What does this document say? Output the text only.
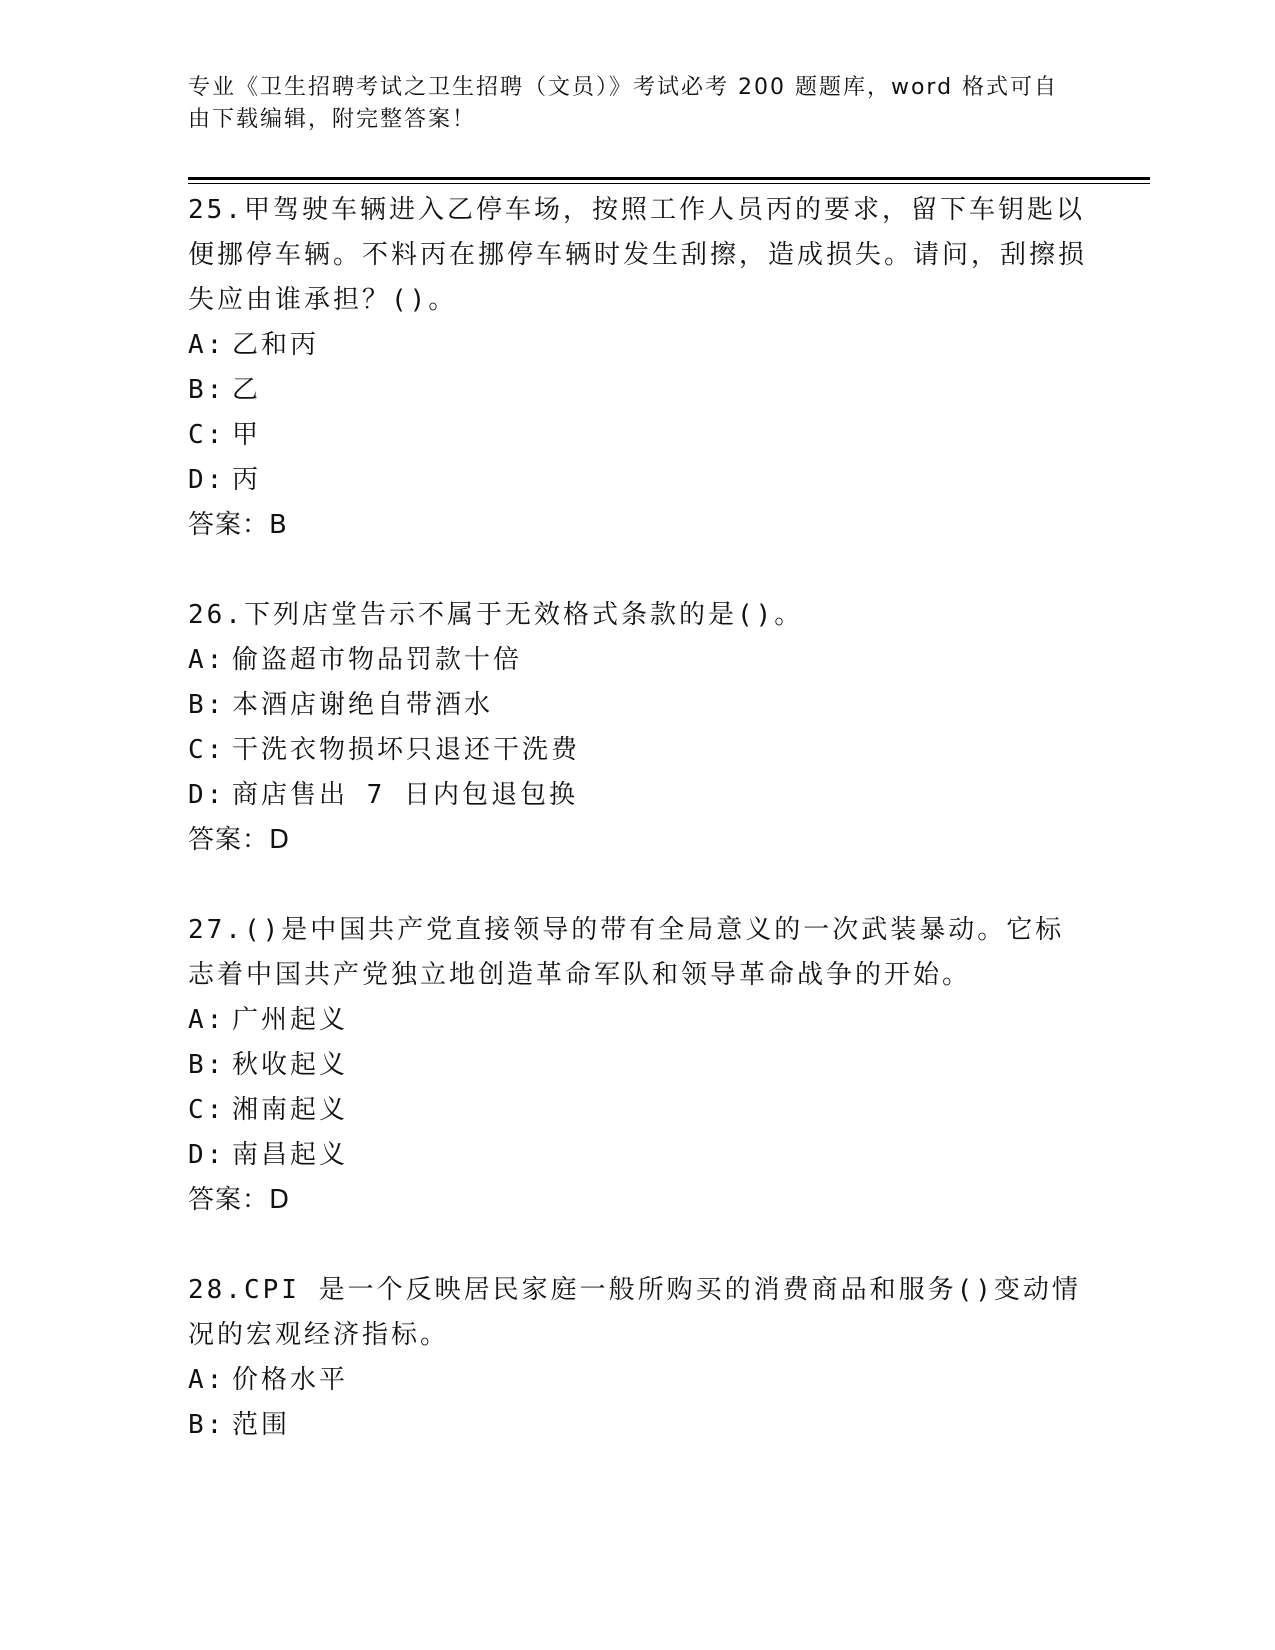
专业《卫生招聘考试之卫生招聘（文员）》考试必考 200 题题库，word 格式可自由下载编辑，附完整答案！

25.甲驾驶车辆进入乙停车场，按照工作人员丙的要求，留下车钥匙以便挪停车辆。不料丙在挪停车辆时发生刮擦，造成损失。请问，刮擦损失应由谁承担？()。

A: 乙和丙
B: 乙
C: 甲
D: 丙

答案：B

26.下列店堂告示不属于无效格式条款的是()。

A: 偷盗超市物品罚款十倍
B: 本酒店谢绝自带酒水
C: 干洗衣物损坏只退还干洗费
D: 商店售出 7 日内包退包换

答案：D

27.()是中国共产党直接领导的带有全局意义的一次武装暴动。它标志着中国共产党独立地创造革命军队和领导革命战争的开始。

A: 广州起义
B: 秋收起义
C: 湘南起义
D: 南昌起义

答案：D

28.CPI 是一个反映居民家庭一般所购买的消费商品和服务()变动情况的宏观经济指标。

A: 价格水平
B: 范围
